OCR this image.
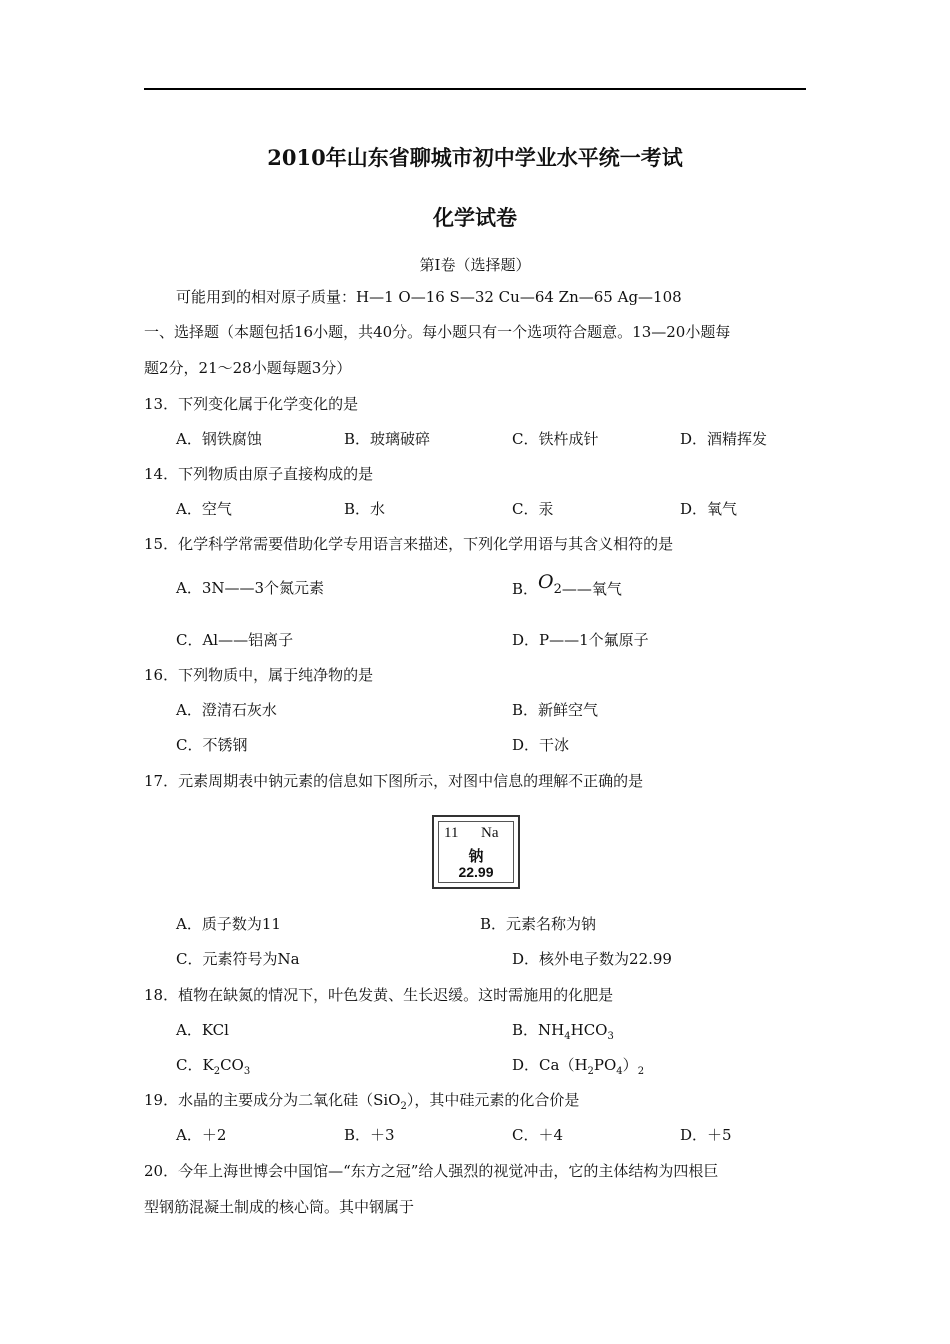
2010年山东省聊城市初中学业水平统一考试
化学试卷
第Ⅰ卷（选择题）
可能用到的相对原子质量：H—1 O—16 S—32 Cu—64 Zn—65 Ag—108
一、选择题（本题包括16小题，共40分。每小题只有一个选项符合题意。13—20小题每
题2分，21～28小题每题3分）
13．下列变化属于化学变化的是
A．钢铁腐蚀	B．玻璃破碎	C．铁杵成针	D．酒精挥发
14．下列物质由原子直接构成的是
A．空气	B．水	C．汞	D．氧气
15．化学科学常需要借助化学专用语言来描述，下列化学用语与其含义相符的是
A．3N——3个氮元素	B．$O_2——$氧气
C．Al——铝离子	D．P——1个氟原子
16．下列物质中，属于纯净物的是
A．澄清石灰水	B．新鲜空气
C．不锈钢	D．干冰
17．元素周期表中钠元素的信息如下图所示，对图中信息的理解不正确的是
11 Na
钠
22.99
A．质子数为11	B．元素名称为钠
C．元素符号为Na	D．核外电子数为22.99
18．植物在缺氮的情况下，叶色发黄、生长迟缓。这时需施用的化肥是
A．KCl	B．$NH_4HCO_3$
C．$K_2CO_3$	D．$Ca(H_2PO_4)_2$
19．水晶的主要成分为二氧化硅（SiO$_2$），其中硅元素的化合价是
A．＋2	B．＋3	C．＋4	D．＋5
20．今年上海世博会中国馆—“东方之冠”给人强烈的视觉冲击，它的主体结构为四根巨
型钢筋混凝土制成的核心筒。其中钢属于
